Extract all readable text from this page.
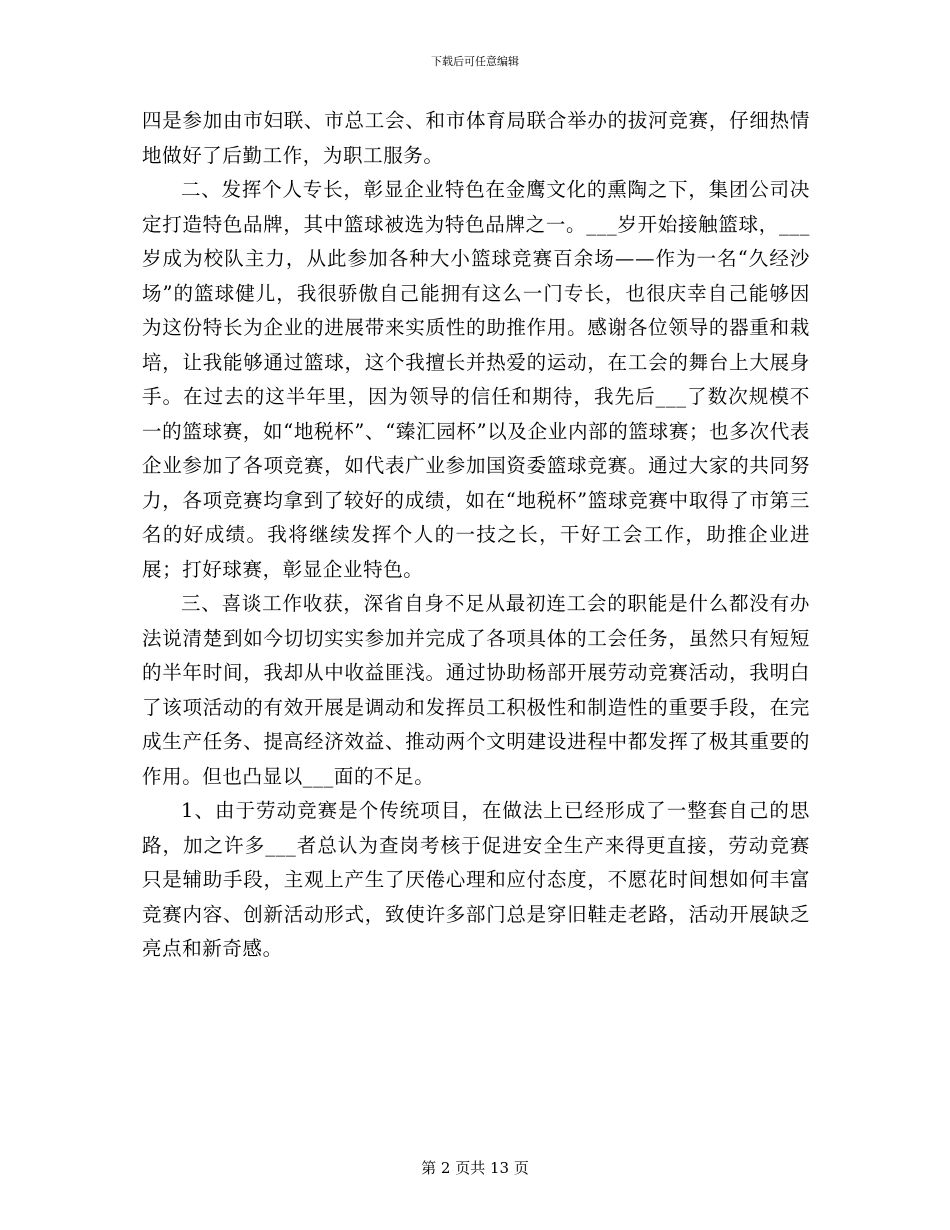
下载后可任意编辑

四是参加由市妇联、市总工会、和市体育局联合举办的拔河竞赛，仔细热情地做好了后勤工作，为职工服务。

二、发挥个人专长，彰显企业特色在金鹰文化的熏陶之下，集团公司决定打造特色品牌，其中篮球被选为特色品牌之一。___岁开始接触篮球，___岁成为校队主力，从此参加各种大小篮球竞赛百余场——作为一名“久经沙场”的篮球健儿，我很骄傲自己能拥有这么一门专长，也很庆幸自己能够因为这份特长为企业的进展带来实质性的助推作用。感谢各位领导的器重和栽培，让我能够通过篮球，这个我擅长并热爱的运动，在工会的舞台上大展身手。在过去的这半年里，因为领导的信任和期待，我先后___了数次规模不一的篮球赛，如“地税杯”、“臻汇园杯”以及企业内部的篮球赛；也多次代表企业参加了各项竞赛，如代表广业参加国资委篮球竞赛。通过大家的共同努力，各项竞赛均拿到了较好的成绩，如在“地税杯”篮球竞赛中取得了市第三名的好成绩。我将继续发挥个人的一技之长，干好工会工作，助推企业进展；打好球赛，彰显企业特色。

三、喜谈工作收获，深省自身不足从最初连工会的职能是什么都没有办法说清楚到如今切切实实参加并完成了各项具体的工会任务，虽然只有短短的半年时间，我却从中收益匪浅。通过协助杨部开展劳动竞赛活动，我明白了该项活动的有效开展是调动和发挥员工积极性和制造性的重要手段，在完成生产任务、提高经济效益、推动两个文明建设进程中都发挥了极其重要的作用。但也凸显以___面的不足。

1、由于劳动竞赛是个传统项目，在做法上已经形成了一整套自己的思路，加之许多___者总认为查岗考核于促进安全生产来得更直接，劳动竞赛只是辅助手段，主观上产生了厌倦心理和应付态度，不愿花时间想如何丰富竞赛内容、创新活动形式，致使许多部门总是穿旧鞋走老路，活动开展缺乏亮点和新奇感。

第 2 页共 13 页
